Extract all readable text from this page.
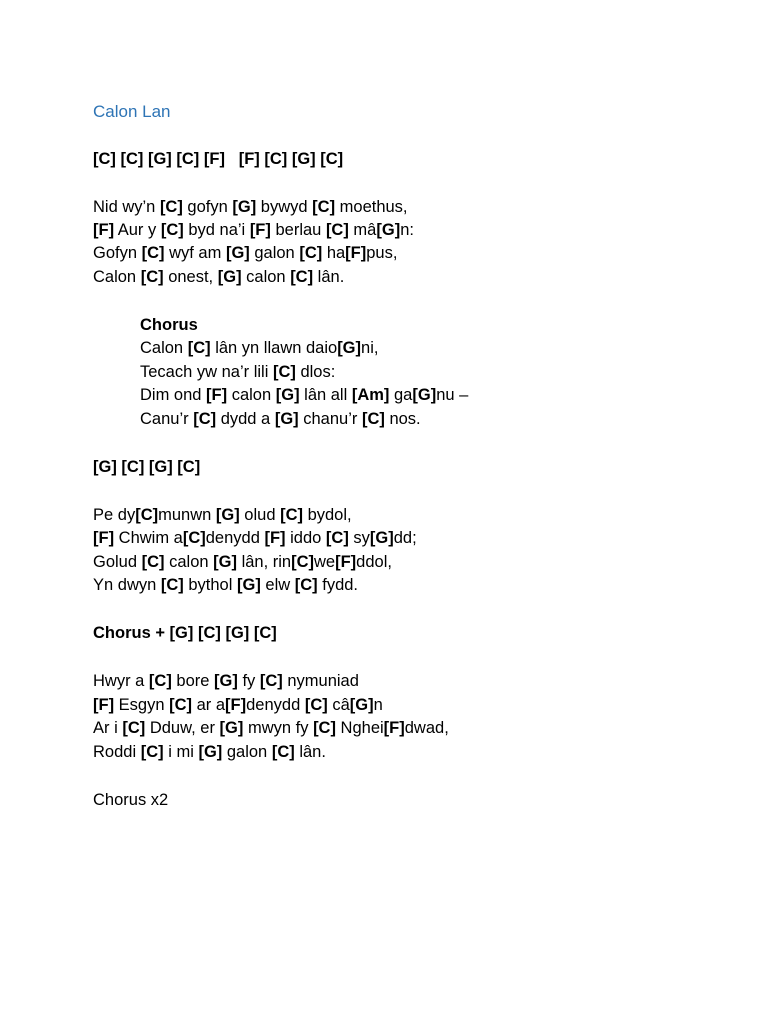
Calon Lan
[C] [C] [G] [C] [F]   [F] [C] [G] [C]
Nid wy’n [C] gofyn [G] bywyd [C] moethus,
[F] Aur y [C] byd na’i [F] berlau [C] mâ[G]n:
Gofyn [C] wyf am [G] galon [C] ha[F]pus,
Calon [C] onest, [G] calon [C] lân.
Chorus
Calon [C] lân yn llawn daio[G]ni,
Tecach yw na’r lili [C] dlos:
Dim ond [F] calon [G] lân all [Am] ga[G]nu –
Canu’r [C] dydd a [G] chanu’r [C] nos.
[G] [C] [G] [C]
Pe dy[C]munwn [G] olud [C] bydol,
[F] Chwim a[C]denydd [F] iddo [C] sy[G]dd;
Golud [C] calon [G] lân, rin[C]we[F]ddol,
Yn dwyn [C] bythol [G] elw [C] fydd.
Chorus + [G] [C] [G] [C]
Hwyr a [C] bore [G] fy [C] nymuniad
[F] Esgyn [C] ar a[F]denydd [C] câ[G]n
Ar i [C] Dduw, er [G] mwyn fy [C] Nghei[F]dwad,
Roddi [C] i mi [G] galon [C] lân.
Chorus x2
